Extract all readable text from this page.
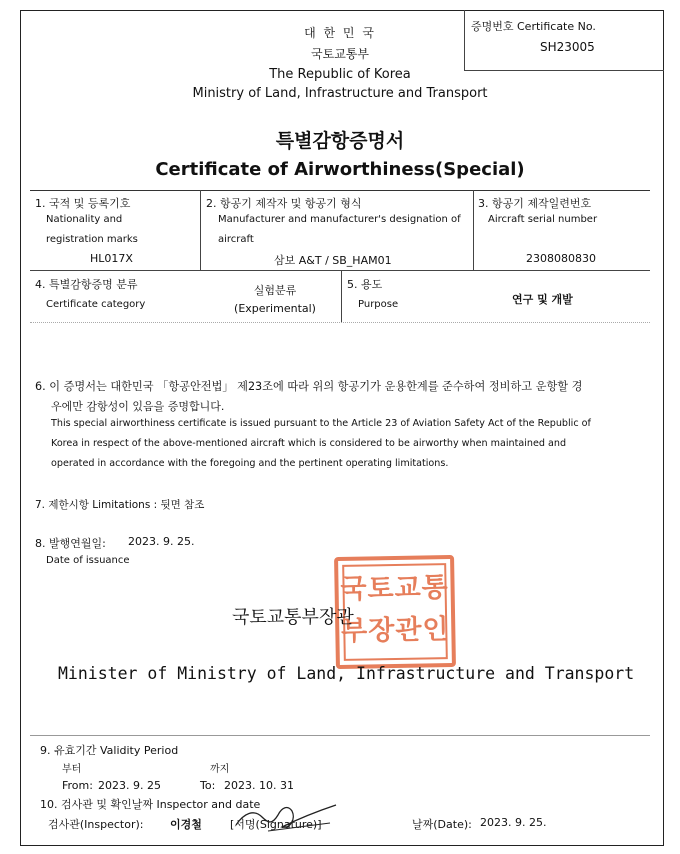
증명번호 Certificate No.
SH23005
대 한 민 국
국토교통부
The Republic of Korea
Ministry of Land, Infrastructure and Transport
특별감항증명서
Certificate of Airworthiness(Special)
1. 국적 및 등록기호
Nationality and
registration marks
HL017X
2. 항공기 제작자 및 항공기 형식
Manufacturer and manufacturer's designation of
aircraft
삼보 A&T / SB_HAM01
3. 항공기 제작일련번호
Aircraft serial number
2308080830
4. 특별감항증명 분류
Certificate category
실험분류
(Experimental)
5. 용도
Purpose	연구 및 개발
6. 이 증명서는 대한민국 「항공안전법」 제23조에 따라 위의 항공기가 운용한계를 준수하여 정비하고 운항할 경
우에만 감항성이 있음을 증명합니다.
This special airworthiness certificate is issued pursuant to the Article 23 of Aviation Safety Act of the Republic of
Korea in respect of the above-mentioned aircraft which is considered to be airworthy when maintained and
operated in accordance with the foregoing and the pertinent operating limitations.
7. 제한시항 Limitations : 뒷면 참조
8. 발행연월일: 2023. 9. 25.
Date of issuance
국토교통
부장관인
국토교통부장관
Minister of Ministry of Land, Infrastructure and Transport
9. 유효기간 Validity Period
부터	까지
From: 2023. 9. 25	To: 2023. 10. 31
10. 검사관 및 확인날짜 Inspector and date
검사관(Inspector): 이경철	[서명(Signature)]	날짜(Date): 2023. 9. 25.
